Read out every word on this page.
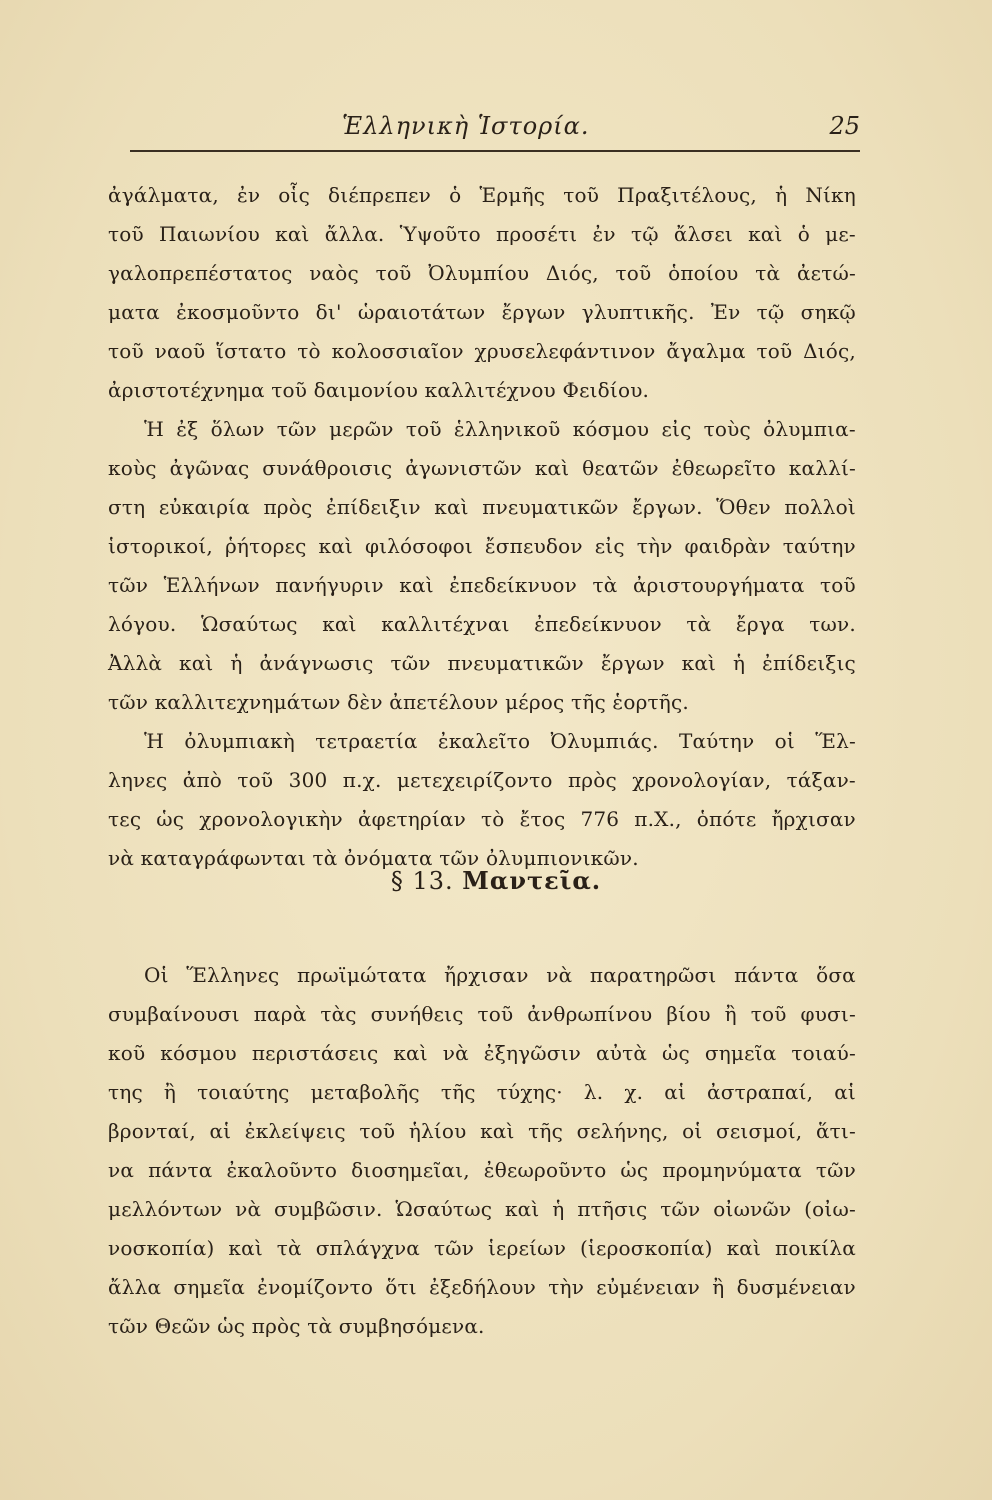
Ἑλληνικὴ Ἱστορία.	25
ἀγάλματα, ἐν οἷς διέπρεπεν ὁ Ἑρμῆς τοῦ Πραξιτέλους, ἡ Νίκη
τοῦ Παιωνίου καὶ ἄλλα. Ὑψοῦτο προσέτι ἐν τῷ ἄλσει καὶ ὁ με-
γαλοπρεπέστατος ναὸς τοῦ Ὀλυμπίου Διός, τοῦ ὁποίου τὰ ἀετώ-
ματα ἐκοσμοῦντο δι' ὡραιοτάτων ἔργων γλυπτικῆς. Ἐν τῷ σηκῷ
τοῦ ναοῦ ἵστατο τὸ κολοσσιαῖον χρυσελεφάντινον ἄγαλμα τοῦ Διός,
ἀριστοτέχνημα τοῦ δαιμονίου καλλιτέχνου Φειδίου.
Ἡ ἐξ ὅλων τῶν μερῶν τοῦ ἑλληνικοῦ κόσμου εἰς τοὺς ὀλυμπια-
κοὺς ἀγῶνας συνάθροισις ἀγωνιστῶν καὶ θεατῶν ἐθεωρεῖτο καλλί-
στη εὐκαιρία πρὸς ἐπίδειξιν καὶ πνευματικῶν ἔργων. Ὅθεν πολλοὶ
ἱστορικοί, ῥήτορες καὶ φιλόσοφοι ἔσπευδον εἰς τὴν φαιδρὰν ταύτην
τῶν Ἑλλήνων πανήγυριν καὶ ἐπεδείκνυον τὰ ἀριστουργήματα τοῦ
λόγου. Ὡσαύτως καὶ καλλιτέχναι ἐπεδείκνυον τὰ ἔργα των.
Ἀλλὰ καὶ ἡ ἀνάγνωσις τῶν πνευματικῶν ἔργων καὶ ἡ ἐπίδειξις
τῶν καλλιτεχνημάτων δὲν ἀπετέλουν μέρος τῆς ἑορτῆς.
Ἡ ὀλυμπιακὴ τετραετία ἐκαλεῖτο Ὀλυμπιάς. Ταύτην οἱ Ἕλ-
ληνες ἀπὸ τοῦ 300 π.χ. μετεχειρίζοντο πρὸς χρονολογίαν, τάξαν-
τες ὡς χρονολογικὴν ἀφετηρίαν τὸ ἔτος 776 π.Χ., ὁπότε ἤρχισαν
νὰ καταγράφωνται τὰ ὀνόματα τῶν ὀλυμπιονικῶν.
§ 13. Μαντεῖα.
Οἱ Ἕλληνες πρωϊμώτατα ἤρχισαν νὰ παρατηρῶσι πάντα ὅσα
συμβαίνουσι παρὰ τὰς συνήθεις τοῦ ἀνθρωπίνου βίου ἢ τοῦ φυσι-
κοῦ κόσμου περιστάσεις καὶ νὰ ἐξηγῶσιν αὐτὰ ὡς σημεῖα τοιαύ-
της ἢ τοιαύτης μεταβολῆς τῆς τύχης· λ. χ. αἱ ἀστραπαί, αἱ
βρονταί, αἱ ἐκλείψεις τοῦ ἡλίου καὶ τῆς σελήνης, οἱ σεισμοί, ἅτι-
να πάντα ἐκαλοῦντο διοσημεῖαι, ἐθεωροῦντο ὡς προμηνύματα τῶν
μελλόντων νὰ συμβῶσιν. Ὡσαύτως καὶ ἡ πτῆσις τῶν οἰωνῶν (οἰω-
νοσκοπία) καὶ τὰ σπλάγχνα τῶν ἱερείων (ἱεροσκοπία) καὶ ποικίλα
ἄλλα σημεῖα ἐνομίζοντο ὅτι ἐξεδήλουν τὴν εὐμένειαν ἢ δυσμένειαν
τῶν Θεῶν ὡς πρὸς τὰ συμβησόμενα.
